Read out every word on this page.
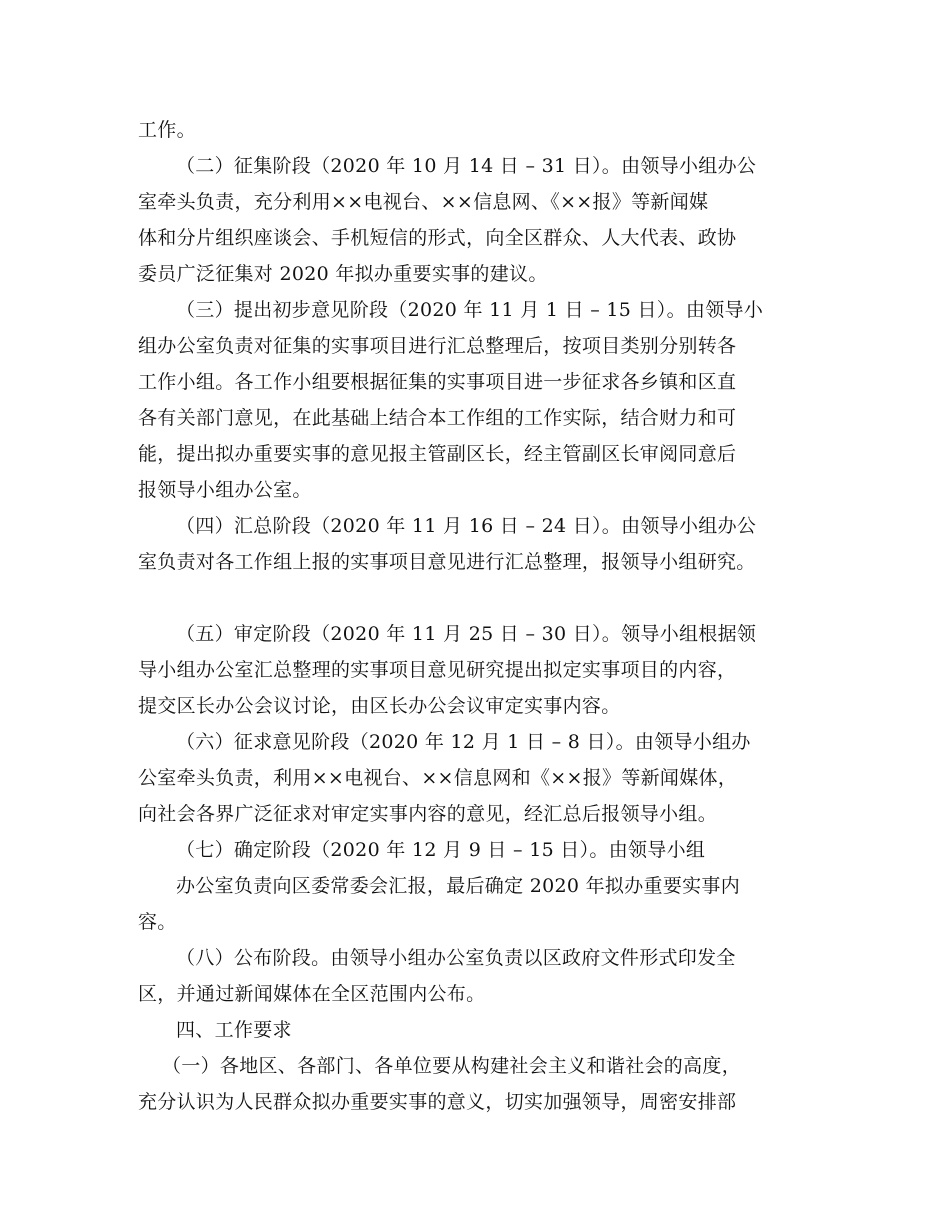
工作。
（二）征集阶段（2020 年 10 月 14 日 – 31 日）。由领导小组办公
室牵头负责，充分利用××电视台、××信息网、《××报》等新闻媒
体和分片组织座谈会、手机短信的形式，向全区群众、人大代表、政协
委员广泛征集对 2020 年拟办重要实事的建议。
（三）提出初步意见阶段（2020 年 11 月 1 日 – 15 日）。由领导小
组办公室负责对征集的实事项目进行汇总整理后，按项目类别分别转各
工作小组。各工作小组要根据征集的实事项目进一步征求各乡镇和区直
各有关部门意见，在此基础上结合本工作组的工作实际，结合财力和可
能，提出拟办重要实事的意见报主管副区长，经主管副区长审阅同意后
报领导小组办公室。
（四）汇总阶段（2020 年 11 月 16 日 – 24 日）。由领导小组办公
室负责对各工作组上报的实事项目意见进行汇总整理，报领导小组研究。
（五）审定阶段（2020 年 11 月 25 日 – 30 日）。领导小组根据领
导小组办公室汇总整理的实事项目意见研究提出拟定实事项目的内容，
提交区长办公会议讨论，由区长办公会议审定实事内容。
（六）征求意见阶段（2020 年 12 月 1 日 – 8 日）。由领导小组办
公室牵头负责，利用××电视台、××信息网和《××报》等新闻媒体，
向社会各界广泛征求对审定实事内容的意见，经汇总后报领导小组。
（七）确定阶段（2020 年 12 月 9 日 – 15 日）。由领导小组
办公室负责向区委常委会汇报，最后确定 2020 年拟办重要实事内
容。
（八）公布阶段。由领导小组办公室负责以区政府文件形式印发全
区，并通过新闻媒体在全区范围内公布。
四、工作要求
（一）各地区、各部门、各单位要从构建社会主义和谐社会的高度，
充分认识为人民群众拟办重要实事的意义，切实加强领导，周密安排部
